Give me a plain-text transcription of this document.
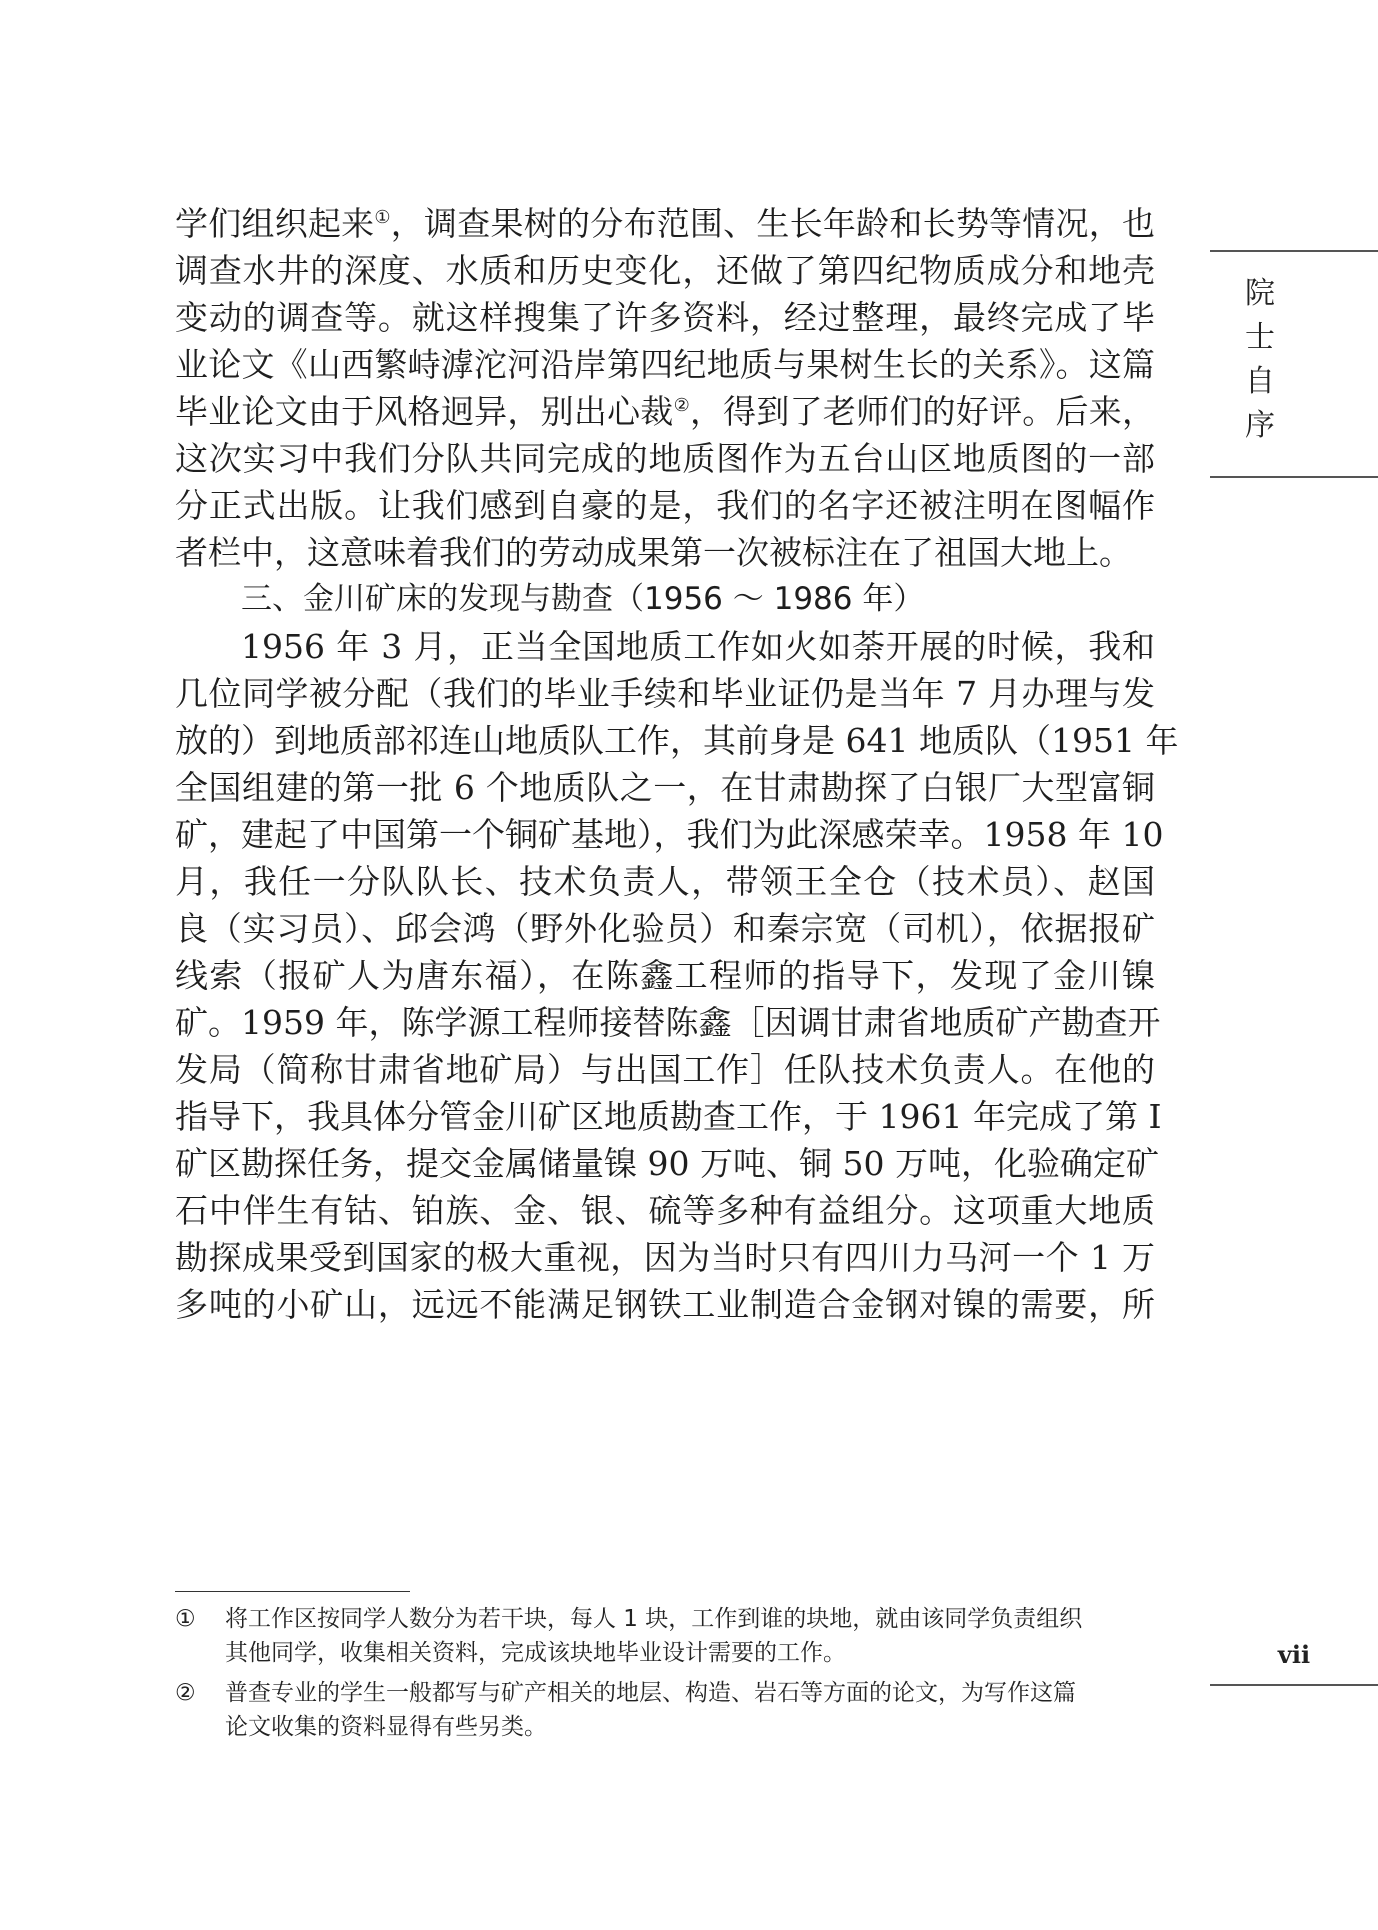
院
士
自
序
学们组织起来①，调查果树的分布范围、生长年龄和长势等情况，也
调查水井的深度、水质和历史变化，还做了第四纪物质成分和地壳
变动的调查等。就这样搜集了许多资料，经过整理，最终完成了毕
业论文《山西繁峙滹沱河沿岸第四纪地质与果树生长的关系》。这篇
毕业论文由于风格迥异，别出心裁②，得到了老师们的好评。后来，
这次实习中我们分队共同完成的地质图作为五台山区地质图的一部
分正式出版。让我们感到自豪的是，我们的名字还被注明在图幅作
者栏中，这意味着我们的劳动成果第一次被标注在了祖国大地上。
三、金川矿床的发现与勘查（1956 ～ 1986 年）
1956 年 3 月，正当全国地质工作如火如荼开展的时候，我和
几位同学被分配（我们的毕业手续和毕业证仍是当年 7 月办理与发
放的）到地质部祁连山地质队工作，其前身是 641 地质队（1951 年
全国组建的第一批 6 个地质队之一，在甘肃勘探了白银厂大型富铜
矿，建起了中国第一个铜矿基地），我们为此深感荣幸。1958 年 10
月，我任一分队队长、技术负责人，带领王全仓（技术员）、赵国
良（实习员）、邱会鸿（野外化验员）和秦宗宽（司机），依据报矿
线索（报矿人为唐东福），在陈鑫工程师的指导下，发现了金川镍
矿。1959 年，陈学源工程师接替陈鑫［因调甘肃省地质矿产勘查开
发局（简称甘肃省地矿局）与出国工作］任队技术负责人。在他的
指导下，我具体分管金川矿区地质勘查工作，于 1961 年完成了第 Ⅰ
矿区勘探任务，提交金属储量镍 90 万吨、铜 50 万吨，化验确定矿
石中伴生有钴、铂族、金、银、硫等多种有益组分。这项重大地质
勘探成果受到国家的极大重视，因为当时只有四川力马河一个 1 万
多吨的小矿山，远远不能满足钢铁工业制造合金钢对镍的需要，所
①	将工作区按同学人数分为若干块，每人 1 块，工作到谁的块地，就由该同学负责组织
其他同学，收集相关资料，完成该块地毕业设计需要的工作。
②	普查专业的学生一般都写与矿产相关的地层、构造、岩石等方面的论文，为写作这篇
论文收集的资料显得有些另类。
vii
